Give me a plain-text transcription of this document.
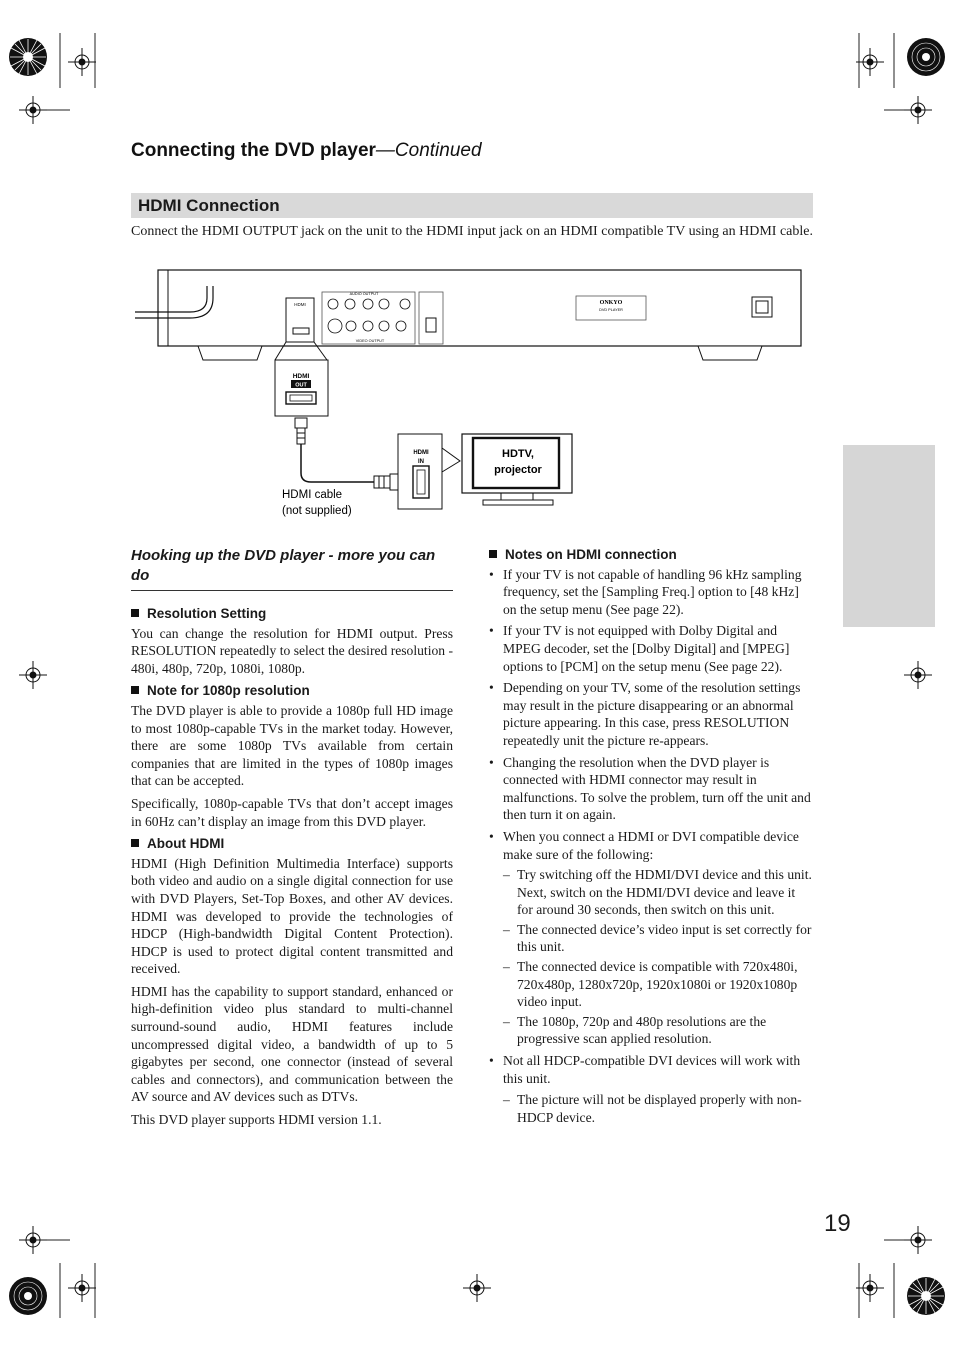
Connecting the DVD player—Continued
HDMI Connection
Connect the HDMI OUTPUT jack on the unit to the HDMI input jack on an HDMI compatible TV using an HDMI cable.
HDMI
AUDIO OUTPUT
VIDEO OUTPUT
ONKYO
DVD PLAYER
HDMI
OUT
HDMI
IN
HDTV,
projector
HDMI cable
(not supplied)
Hooking up the DVD player - more you can do
Resolution Setting

You can change the resolution for HDMI output. Press RESOLUTION repeatedly to select the desired resolution - 480i, 480p, 720p, 1080i, 1080p.

Note for 1080p resolution

The DVD player is able to provide a 1080p full HD image to most 1080p-capable TVs in the market today. However, there are some 1080p TVs available from certain companies that are limited in the types of 1080p images that can be accepted.

Specifically, 1080p-capable TVs that don’t accept images in 60Hz can’t display an image from this DVD player.

About HDMI

HDMI (High Definition Multimedia Interface) supports both video and audio on a single digital connection for use with DVD Players, Set-Top Boxes, and other AV devices. HDMI was developed to provide the technologies of HDCP (High-bandwidth Digital Content Protection). HDCP is used to protect digital content transmitted and received.

HDMI has the capability to support standard, enhanced or high-definition video plus standard to multi-channel surround-sound audio, HDMI features include uncompressed digital video, a bandwidth of up to 5 gigabytes per second, one connector (instead of several cables and connectors), and communication between the AV source and AV devices such as DTVs.

This DVD player supports HDMI version 1.1.

Notes on HDMI connection
• If your TV is not capable of handling 96 kHz sampling frequency, set the [Sampling Freq.] option to [48 kHz] on the setup menu (See page 22).
• If your TV is not equipped with Dolby Digital and MPEG decoder, set the [Dolby Digital] and [MPEG] options to [PCM] on the setup menu (See page 22).
• Depending on your TV, some of the resolution settings may result in the picture disappearing or an abnormal picture appearing. In this case, press RESOLUTION repeatedly unit the picture re-appears.
• Changing the resolution when the DVD player is connected with HDMI connector may result in malfunctions. To solve the problem, turn off the unit and then turn it on again.
• When you connect a HDMI or DVI compatible device make sure of the following:
– Try switching off the HDMI/DVI device and this unit. Next, switch on the HDMI/DVI device and leave it for around 30 seconds, then switch on this unit.
– The connected device’s video input is set correctly for this unit.
– The connected device is compatible with 720x480i, 720x480p, 1280x720p, 1920x1080i or 1920x1080p video input.
– The 1080p, 720p and 480p resolutions are the progressive scan applied resolution.
• Not all HDCP-compatible DVI devices will work with this unit.
– The picture will not be displayed properly with non-HDCP device.
19
